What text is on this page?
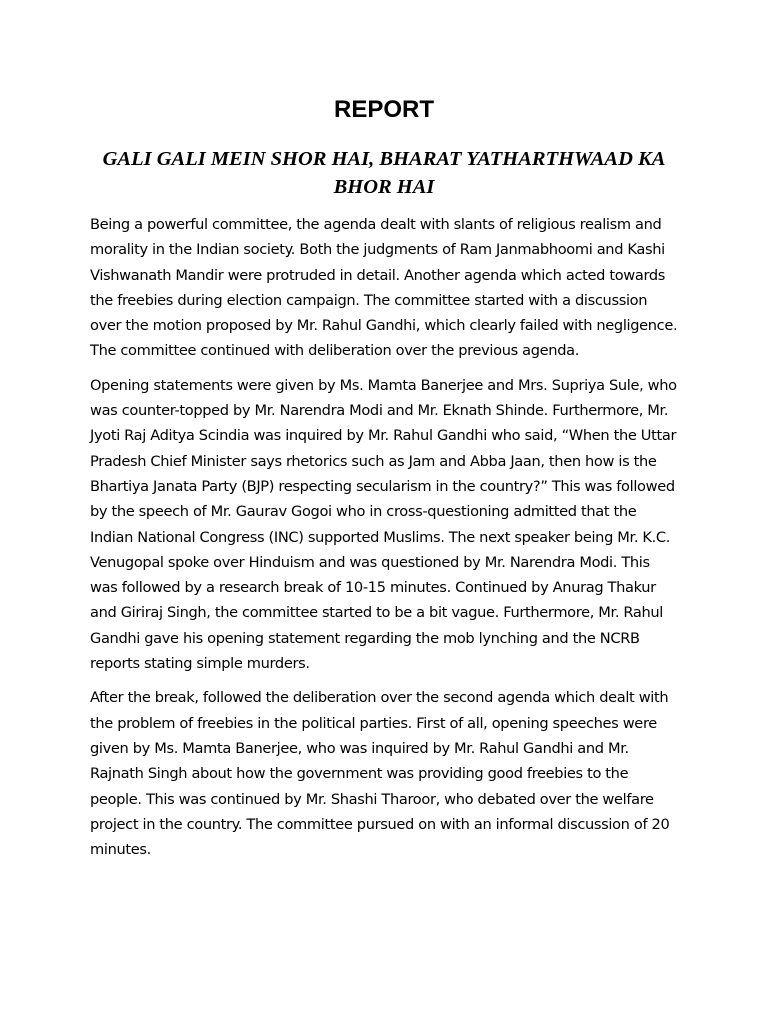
REPORT
GALI GALI MEIN SHOR HAI, BHARAT YATHARTHWAAD KA BHOR HAI

Being a powerful committee, the agenda dealt with slants of religious realism and morality in the Indian society. Both the judgments of Ram Janmabhoomi and Kashi Vishwanath Mandir were protruded in detail. Another agenda which acted towards the freebies during election campaign. The committee started with a discussion over the motion proposed by Mr. Rahul Gandhi, which clearly failed with negligence. The committee continued with deliberation over the previous agenda.

Opening statements were given by Ms. Mamta Banerjee and Mrs. Supriya Sule, who was counter-topped by Mr. Narendra Modi and Mr. Eknath Shinde. Furthermore, Mr. Jyoti Raj Aditya Scindia was inquired by Mr. Rahul Gandhi who said, “When the Uttar Pradesh Chief Minister says rhetorics such as Jam and Abba Jaan, then how is the Bhartiya Janata Party (BJP) respecting secularism in the country?” This was followed by the speech of Mr. Gaurav Gogoi who in cross-questioning admitted that the Indian National Congress (INC) supported Muslims. The next speaker being Mr. K.C. Venugopal spoke over Hinduism and was questioned by Mr. Narendra Modi. This was followed by a research break of 10-15 minutes. Continued by Anurag Thakur and Giriraj Singh, the committee started to be a bit vague. Furthermore, Mr. Rahul Gandhi gave his opening statement regarding the mob lynching and the NCRB reports stating simple murders.

After the break, followed the deliberation over the second agenda which dealt with the problem of freebies in the political parties. First of all, opening speeches were given by Ms. Mamta Banerjee, who was inquired by Mr. Rahul Gandhi and Mr. Rajnath Singh about how the government was providing good freebies to the people. This was continued by Mr. Shashi Tharoor, who debated over the welfare project in the country. The committee pursued on with an informal discussion of 20 minutes.
